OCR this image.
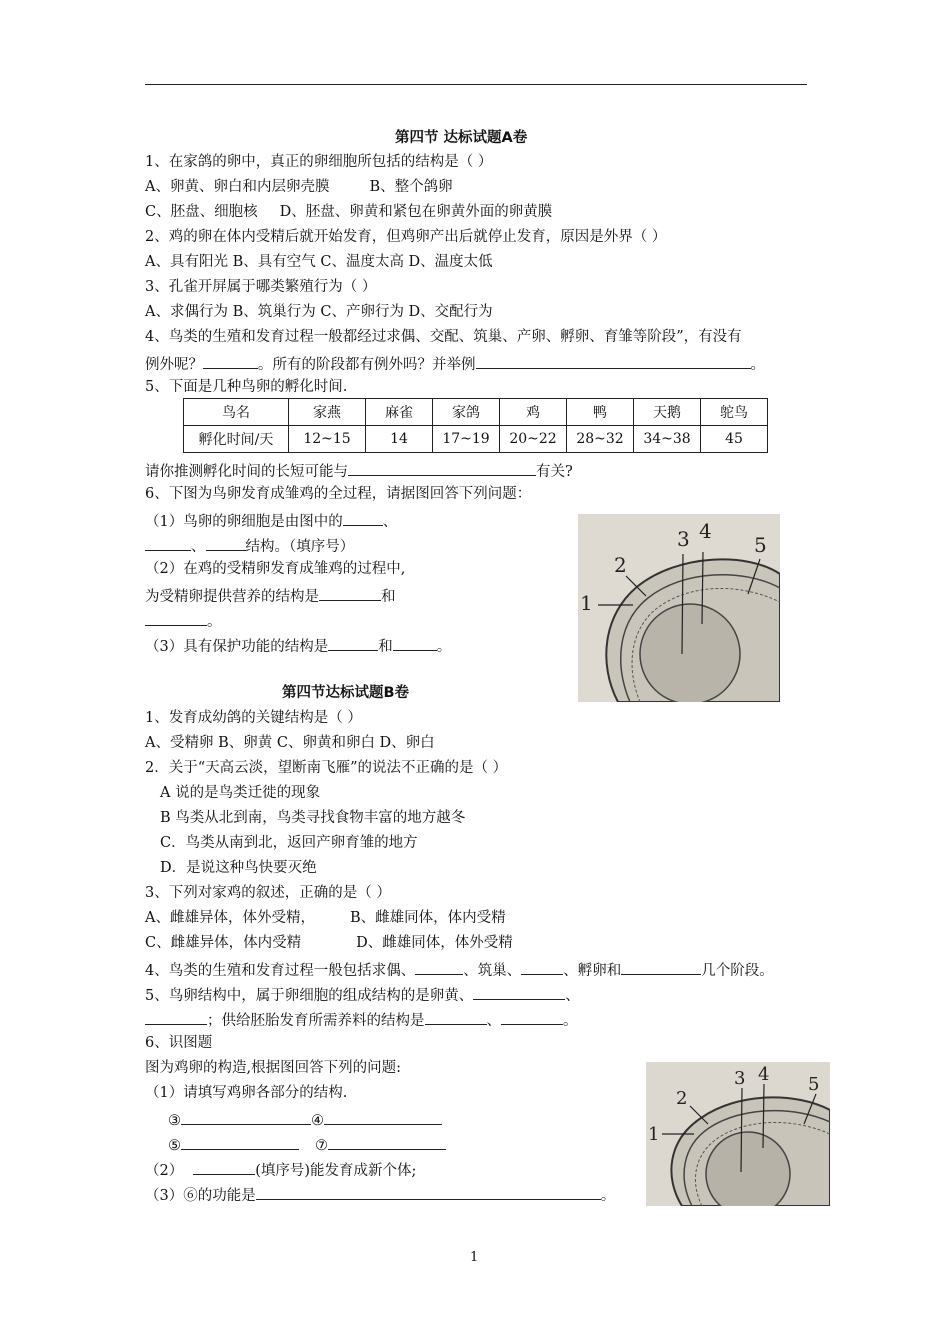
第四节 达标试题A卷
1、在家鸽的卵中，真正的卵细胞所包括的结构是（ ）
A、卵黄、卵白和内层卵壳膜	B、整个鸽卵
C、胚盘、细胞核 D、胚盘、卵黄和紧包在卵黄外面的卵黄膜
2、鸡的卵在体内受精后就开始发育，但鸡卵产出后就停止发育，原因是外界（ ）
A、具有阳光 B、具有空气 C、温度太高 D、温度太低
3、孔雀开屏属于哪类繁殖行为（ ）
A、求偶行为 B、筑巢行为 C、产卵行为 D、交配行为
4、鸟类的生殖和发育过程一般都经过求偶、交配、筑巢、产卵、孵卵、育雏等阶段”，有没有
例外呢？	。所有的阶段都有例外吗？并举例	。
5、下面是几种鸟卵的孵化时间.
鸟名	家燕	麻雀	家鸽	鸡	鸭	天鹅	鸵鸟
孵化时间/天	12~15	14	17~19	20~22	28~32	34~38	45
请你推测孵化时间的长短可能与	有关?
6、下图为鸟卵发育成雏鸡的全过程，请据图回答下列问题：
（1）鸟卵的卵细胞是由图中的	、
、	结构。（填序号）
（2）在鸡的受精卵发育成雏鸡的过程中,
为受精卵提供营养的结构是	和
。
（3）具有保护功能的结构是	和	。
1
2
3 4
5
第四节达标试题B卷
1、发育成幼鸽的关键结构是（ ）
A、受精卵 B、卵黄 C、卵黄和卵白 D、卵白
2．关于“天高云淡，望断南飞雁”的说法不正确的是（ ）
A 说的是鸟类迁徙的现象
B 鸟类从北到南，鸟类寻找食物丰富的地方越冬
C．鸟类从南到北，返回产卵育雏的地方
D．是说这种鸟快要灭绝
3、下列对家鸡的叙述，正确的是（ ）
A、雌雄异体，体外受精， B、雌雄同体，体内受精
C、雌雄异体，体内受精	D、雌雄同体，体外受精
4、鸟类的生殖和发育过程一般包括求偶、	、筑巢、	、孵卵和	几个阶段。
5、鸟卵结构中，属于卵细胞的组成结构的是卵黄、	、
；供给胚胎发育所需养料的结构是	、	。
6、识图题
图为鸡卵的构造,根据图回答下列的问题:
（1）请填写鸡卵各部分的结构.
③	④
⑤	⑦
（2）	(填序号)能发育成新个体;
（3）⑥的功能是	。
1
2
3 4 5
1
